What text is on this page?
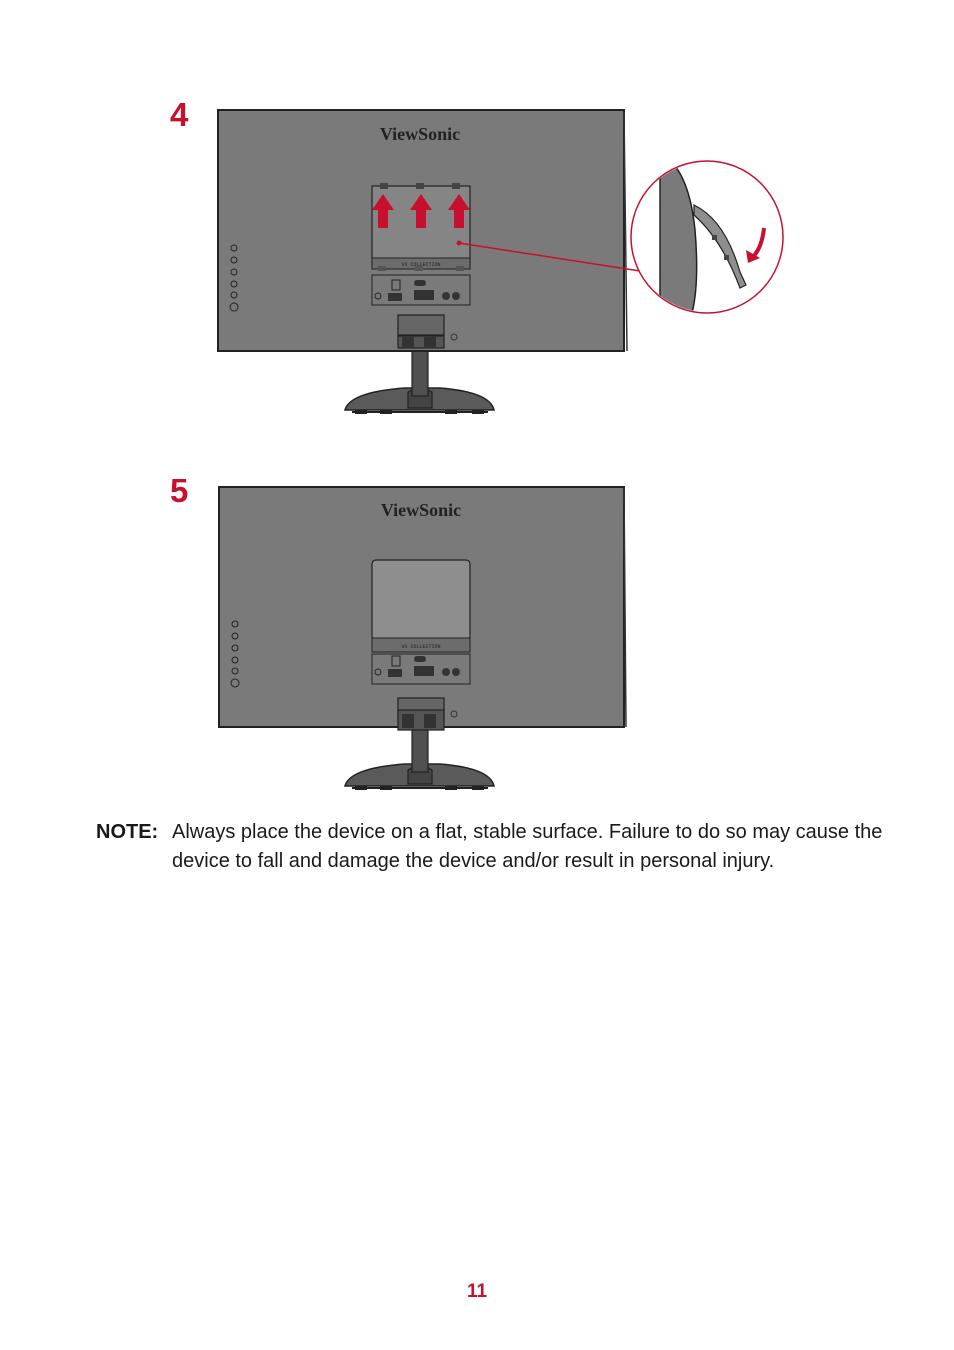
4
ViewSonic
VX COLLECTION
5
ViewSonic
VX COLLECTION
NOTE: Always place the device on a flat, stable surface. Failure to do so may cause the device to fall and damage the device and/or result in personal injury.
11
